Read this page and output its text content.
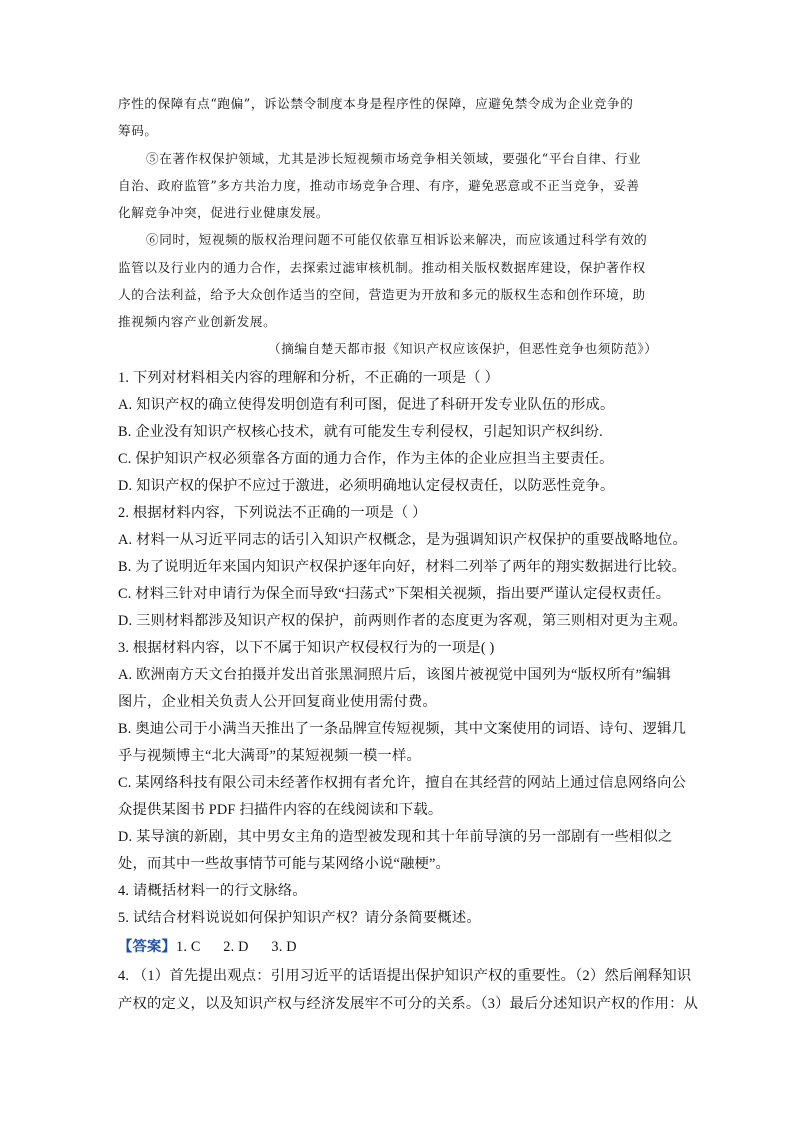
序性的保障有点“跑偏”，诉讼禁令制度本身是程序性的保障，应避免禁令成为企业竞争的
筹码。
⑤在著作权保护领域，尤其是涉长短视频市场竞争相关领域，要强化“平台自律、行业
自治、政府监管”多方共治力度，推动市场竞争合理、有序，避免恶意或不正当竞争，妥善
化解竞争冲突，促进行业健康发展。
⑥同时，短视频的版权治理问题不可能仅依靠互相诉讼来解决，而应该通过科学有效的
监管以及行业内的通力合作，去探索过滤审核机制。推动相关版权数据库建设，保护著作权
人的合法利益，给予大众创作适当的空间，营造更为开放和多元的版权生态和创作环境，助
推视频内容产业创新发展。
（摘编自楚天都市报《知识产权应该保护，但恶性竞争也须防范》）
1. 下列对材料相关内容的理解和分析，不正确的一项是（ ）
A. 知识产权的确立使得发明创造有利可图，促进了科研开发专业队伍的形成。
B. 企业没有知识产权核心技术，就有可能发生专利侵权，引起知识产权纠纷.
C. 保护知识产权必须靠各方面的通力合作，作为主体的企业应担当主要责任。
D. 知识产权的保护不应过于激进，必须明确地认定侵权责任，以防恶性竞争。
2. 根据材料内容，下列说法不正确的一项是（ ）
A. 材料一从习近平同志的话引入知识产权概念，是为强调知识产权保护的重要战略地位。
B. 为了说明近年来国内知识产权保护逐年向好，材料二列举了两年的翔实数据进行比较。
C. 材料三针对申请行为保全而导致“扫荡式”下架相关视频，指出要严谨认定侵权责任。
D. 三则材料都涉及知识产权的保护，前两则作者的态度更为客观，第三则相对更为主观。
3. 根据材料内容，以下不属于知识产权侵权行为的一项是( )
A. 欧洲南方天文台拍摄并发出首张黑洞照片后，该图片被视觉中国列为“版权所有”编辑
图片，企业相关负责人公开回复商业使用需付费。
B. 奥迪公司于小满当天推出了一条品牌宣传短视频，其中文案使用的词语、诗句、逻辑几
乎与视频博主“北大满哥”的某短视频一模一样。
C. 某网络科技有限公司未经著作权拥有者允许，擅自在其经营的网站上通过信息网络向公
众提供某图书 PDF 扫描件内容的在线阅读和下载。
D. 某导演的新剧，其中男女主角的造型被发现和其十年前导演的另一部剧有一些相似之
处，而其中一些故事情节可能与某网络小说“融梗”。
4. 请概括材料一的行文脉络。
5. 试结合材料说说如何保护知识产权？请分条简要概述。
【答案】1. C      2. D      3. D
4. （1）首先提出观点：引用习近平的话语提出保护知识产权的重要性。（2）然后阐释知识
产权的定义，以及知识产权与经济发展牢不可分的关系。（3）最后分述知识产权的作用：从
